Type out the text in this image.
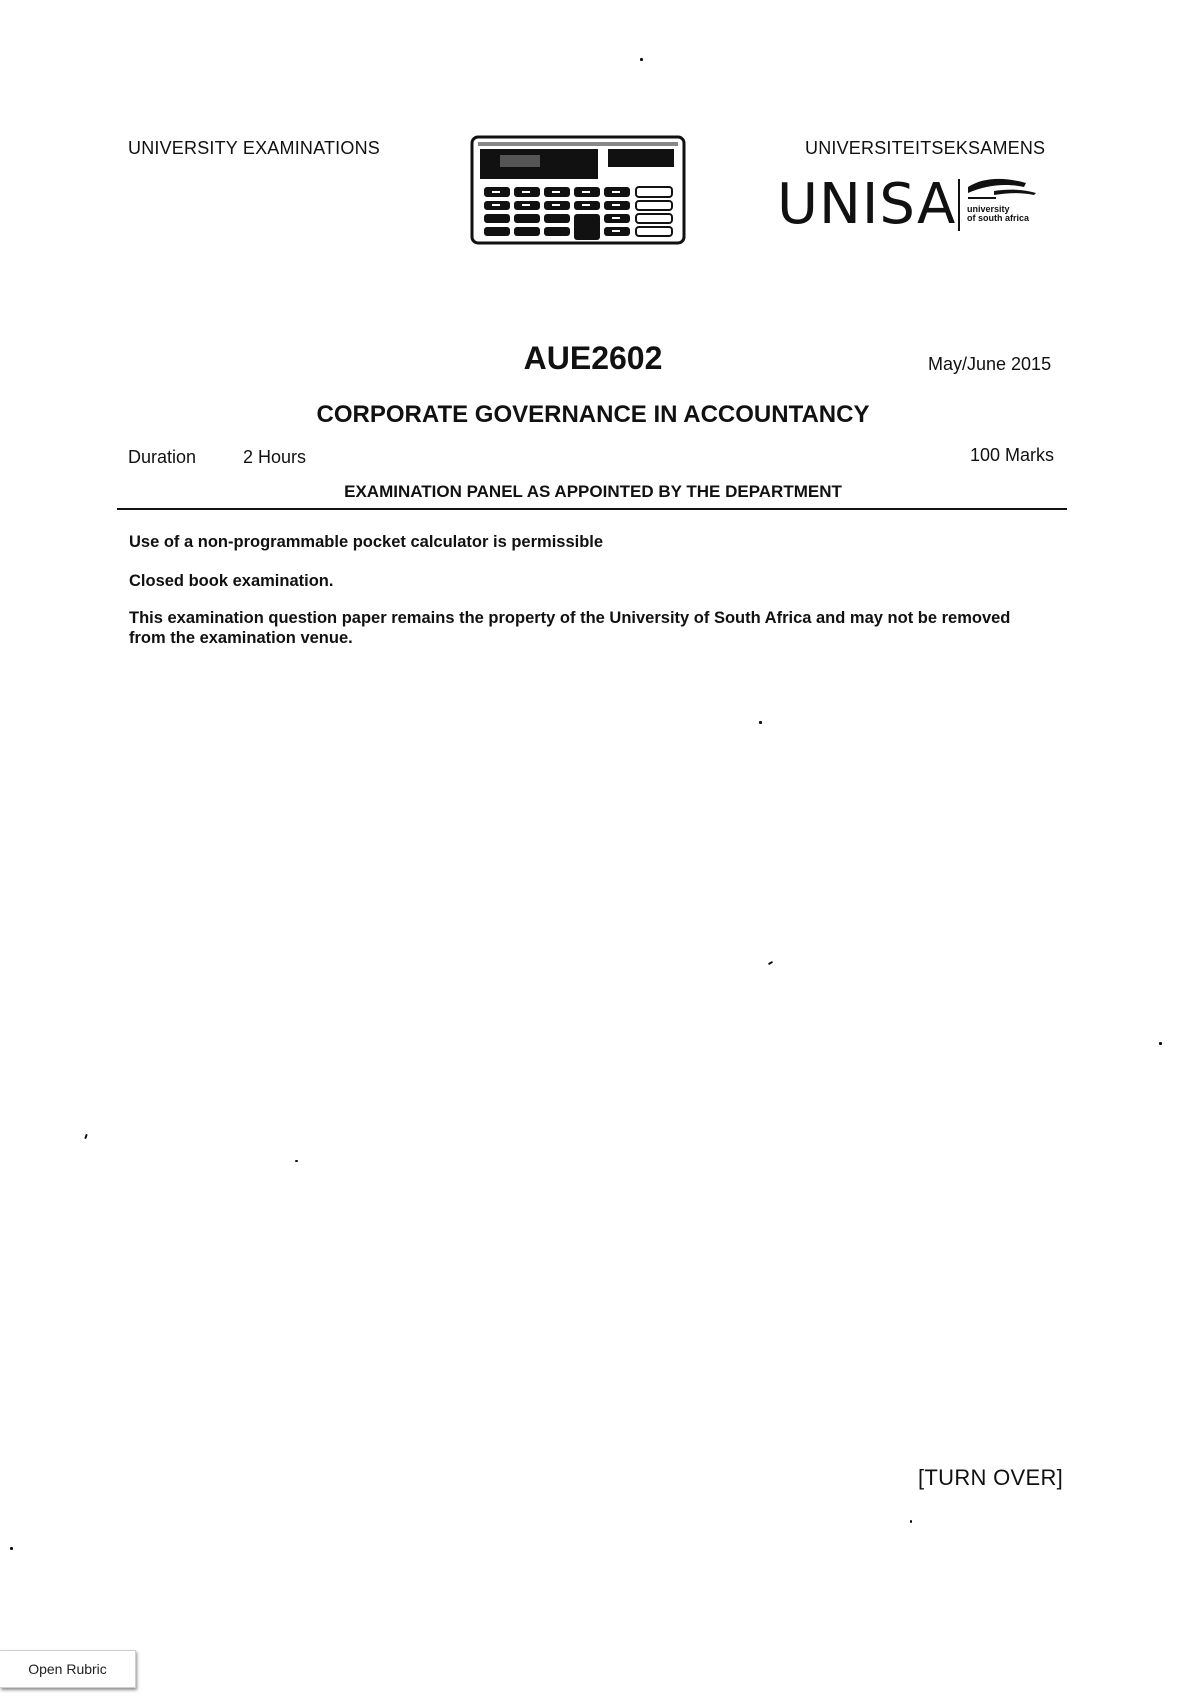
UNIVERSITY EXAMINATIONS	UNIVERSITEITSEKSAMENS
UNISA university
of south africa
AUE2602	May/June 2015
CORPORATE GOVERNANCE IN ACCOUNTANCY
Duration	2 Hours	100 Marks
EXAMINATION PANEL AS APPOINTED BY THE DEPARTMENT
Use of a non-programmable pocket calculator is permissible
Closed book examination.
This examination question paper remains the property of the University of South Africa and may not be removed from the examination venue.
[TURN OVER]
Open Rubric
